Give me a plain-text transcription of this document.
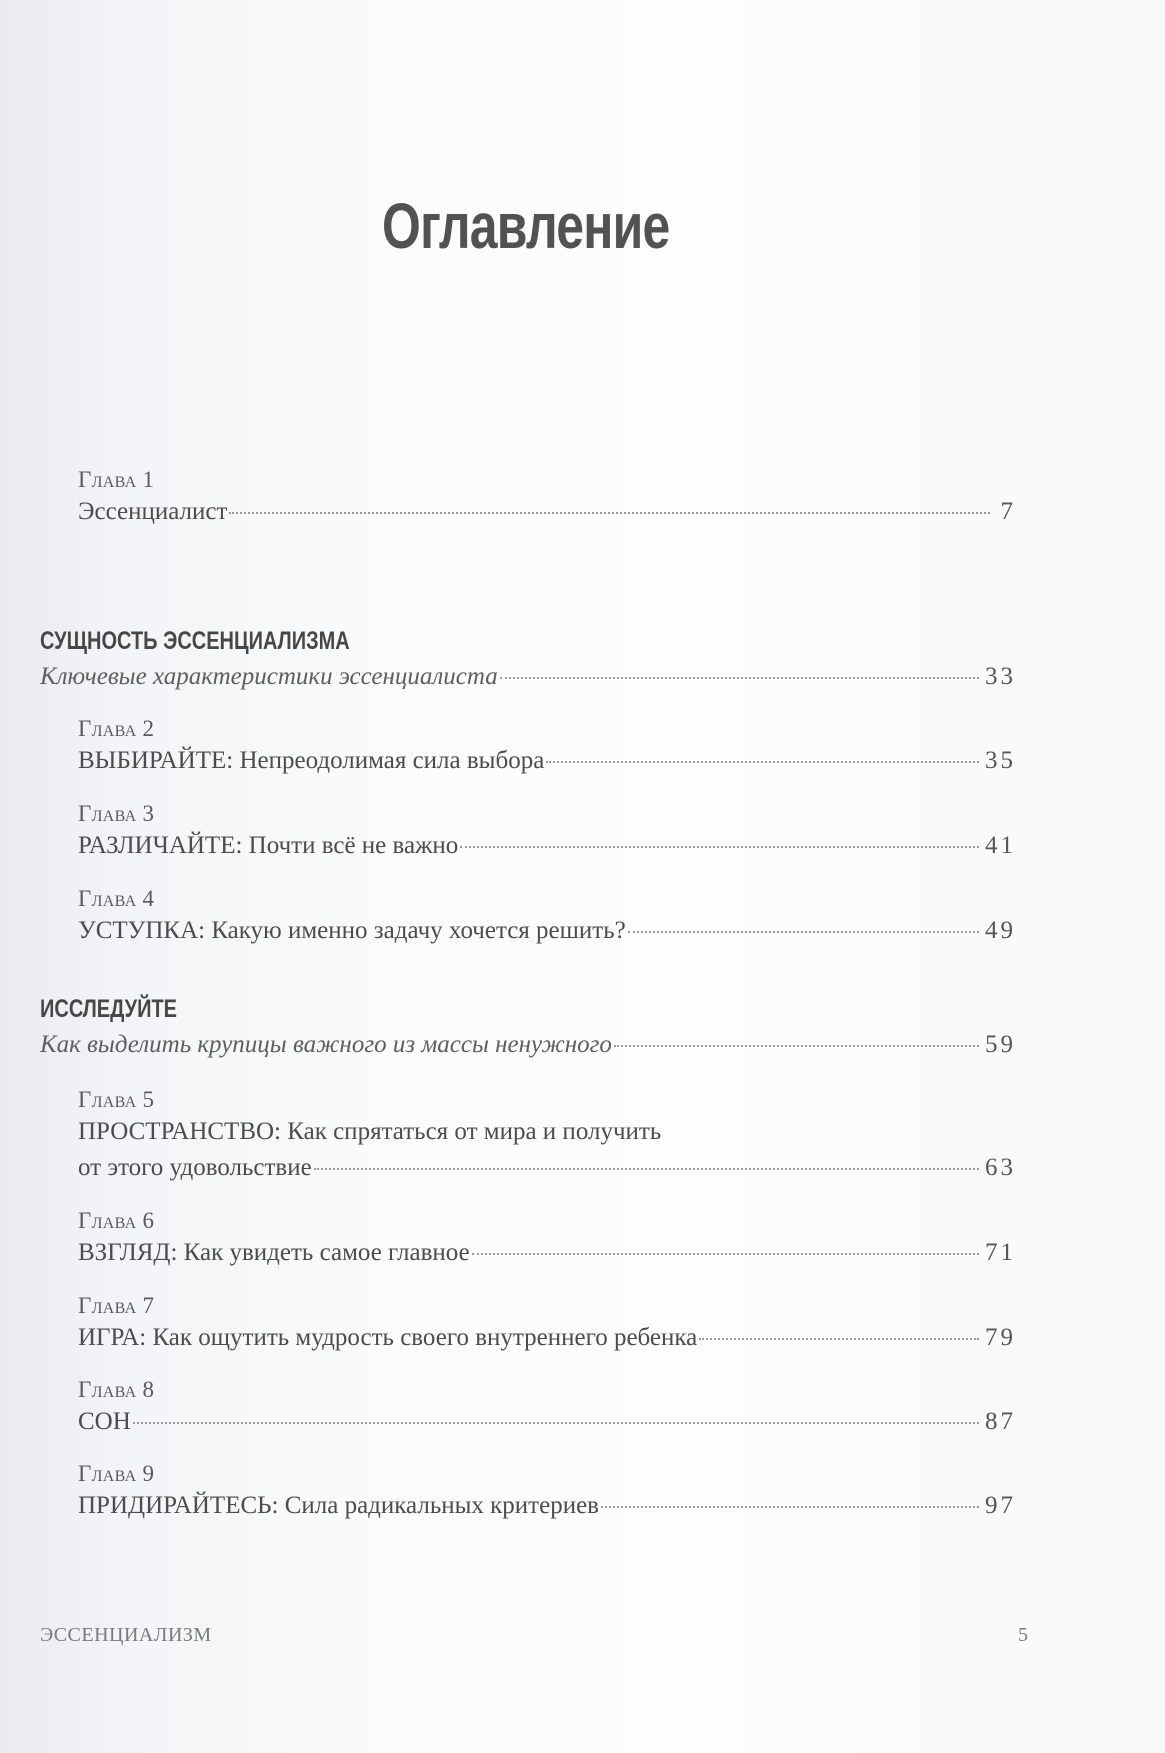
Оглавление
Глава 1
Эссенциалист	7
СУЩНОСТЬ ЭССЕНЦИАЛИЗМА
Ключевые характеристики эссенциалиста	33
Глава 2
ВЫБИРАЙТЕ: Непреодолимая сила выбора	35
Глава 3
РАЗЛИЧАЙТЕ: Почти всё не важно	41
Глава 4
УСТУПКА: Какую именно задачу хочется решить?	49
ИССЛЕДУЙТЕ
Как выделить крупицы важного из массы ненужного	59
Глава 5
ПРОСТРАНСТВО: Как спрятаться от мира и получить
от этого удовольствие	63
Глава 6
ВЗГЛЯД: Как увидеть самое главное	71
Глава 7
ИГРА: Как ощутить мудрость своего внутреннего ребенка	79
Глава 8
СОН	87
Глава 9
ПРИДИРАЙТЕСЬ: Сила радикальных критериев	97
ЭССЕНЦИАЛИЗМ	5
